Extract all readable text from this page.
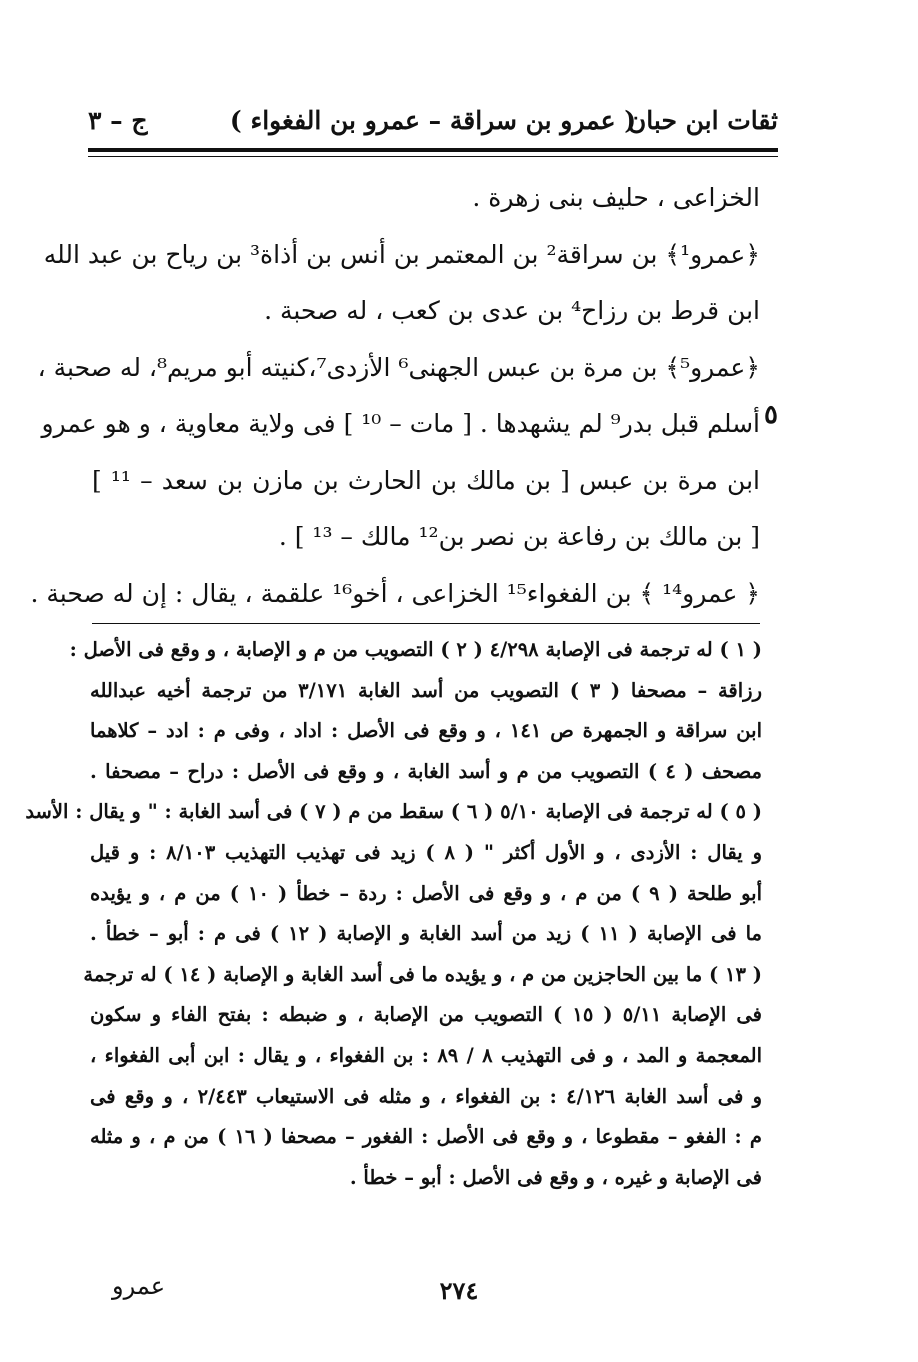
ثقات ابن حبان
( عمرو بن سراقة – عمرو بن الفغواء )
ج – ٣
الخزاعى ، حليف بنى زهرة .
﴿عمرو¹﴾ بن سراقة² بن المعتمر بن أنس بن أذاة³ بن رياح بن عبد الله
ابن قرط بن رزاح⁴ بن عدى بن كعب ، له صحبة .
﴿عمرو⁵﴾ بن مرة بن عبس الجهنى⁶ الأزدى⁷،كنيته أبو مريم⁸، له صحبة ،
أسلم قبل بدر⁹ لم يشهدها . [ مات – ¹⁰ ] فى ولاية معاوية ، و هو عمرو
ابن مرة بن عبس [ بن مالك بن الحارث بن مازن بن سعد – ¹¹ ]
[ بن مالك بن رفاعة بن نصر بن¹² مالك – ¹³ ] .
﴿ عمرو¹⁴ ﴾ بن الفغواء¹⁵ الخزاعى ، أخو¹⁶ علقمة ، يقال : إن له صحبة .
٥
( ١ ) له ترجمة فى الإصابة ٤/٢٩٨ ( ٢ ) التصويب من م و الإصابة ، و وقع فى الأصل :
رزاقة – مصحفا ( ٣ ) التصويب من أسد الغابة ٣/١٧١ من ترجمة أخيه عبدالله
ابن سراقة و الجمهرة ص ١٤١ ، و وقع فى الأصل : اداد ، وفى م : ادد – كلاهما
مصحف ( ٤ ) التصويب من م و أسد الغابة ، و وقع فى الأصل : دراح – مصحفا .
( ٥ ) له ترجمة فى الإصابة ٥/١٠ ( ٦ ) سقط من م ( ٧ ) فى أسد الغابة : " و يقال : الأسد
و يقال : الأزدى ، و الأول أكثر " ( ٨ ) زيد فى تهذيب التهذيب ٨/١٠٣ : و قيل
أبو طلحة ( ٩ ) من م ، و وقع فى الأصل : ردة – خطأ ( ١٠ ) من م ، و يؤيده
ما فى الإصابة ( ١١ ) زيد من أسد الغابة و الإصابة ( ١٢ ) فى م : أبو – خطأ .
( ١٣ ) ما بين الحاجزين من م ، و يؤيده ما فى أسد الغابة و الإصابة ( ١٤ ) له ترجمة
فى الإصابة ٥/١١ ( ١٥ ) التصويب من الإصابة ، و ضبطه : بفتح الفاء و سكون
المعجمة و المد ، و فى التهذيب ٨ / ٨٩ : بن الفغواء ، و يقال : ابن أبى الفغواء ،
و فى أسد الغابة ٤/١٢٦ : بن الفغواء ، و مثله فى الاستيعاب ٢/٤٤٣ ، و وقع فى
م : الفغو – مقطوعا ، و وقع فى الأصل : الفغور – مصحفا ( ١٦ ) من م ، و مثله
فى الإصابة و غيره ، و وقع فى الأصل : أبو – خطأ .
٢٧٤
عمرو
